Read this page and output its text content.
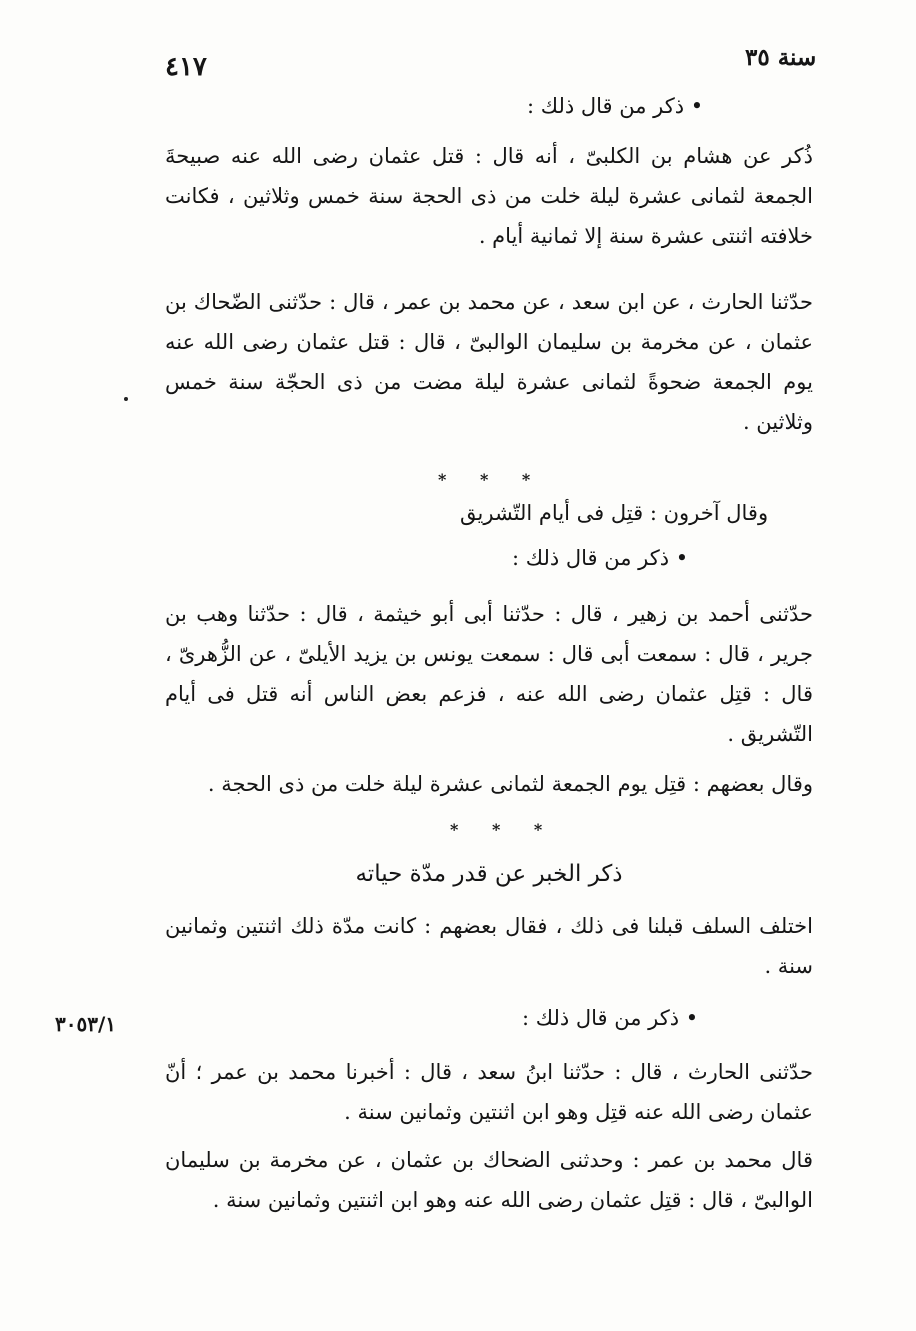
٤١٧	سنة ٣٥

• ذكر من قال ذلك :

ذُكر عن هشام بن الكلبىّ ، أنه قال : قتل عثمان رضى الله عنه صبيحةَ الجمعة لثمانى عشرة ليلة خلت من ذى الحجة سنة خمس وثلاثين ، فكانت خلافته اثنتى عشرة سنة إلا ثمانية أيام .

حدّثنا الحارث ، عن ابن سعد ، عن محمد بن عمر ، قال : حدّثنى الضّحاك بن عثمان ، عن مخرمة بن سليمان الوالبىّ ، قال : قتل عثمان رضى الله عنه يوم الجمعة ضحوةً لثمانى عشرة ليلة مضت من ذى الحجّة سنة خمس وثلاثين .

* * *

وقال آخرون : قتِل فى أيام التّشريق

• ذكر من قال ذلك :

حدّثنى أحمد بن زهير ، قال : حدّثنا أبى أبو خيثمة ، قال : حدّثنا وهب بن جرير ، قال : سمعت أبى قال : سمعت يونس بن يزيد الأيلىّ ، عن الزُّهرىّ ، قال : قتِل عثمان رضى الله عنه ، فزعم بعض الناس أنه قتل فى أيام التّشريق .

وقال بعضهم : قتِل يوم الجمعة لثمانى عشرة ليلة خلت من ذى الحجة .

* * *
ذكر الخبر عن قدر مدّة حياته

اختلف السلف قبلنا فى ذلك ، فقال بعضهم : كانت مدّة ذلك اثنتين وثمانين سنة .

٣٠٥٣/١	• ذكر من قال ذلك :

حدّثنى الحارث ، قال : حدّثنا ابنُ سعد ، قال : أخبرنا محمد بن عمر ؛ أنّ عثمان رضى الله عنه قتِل وهو ابن اثنتين وثمانين سنة .

قال محمد بن عمر : وحدثنى الضحاك بن عثمان ، عن مخرمة بن سليمان الوالبىّ ، قال : قتِل عثمان رضى الله عنه وهو ابن اثنتين وثمانين سنة .
